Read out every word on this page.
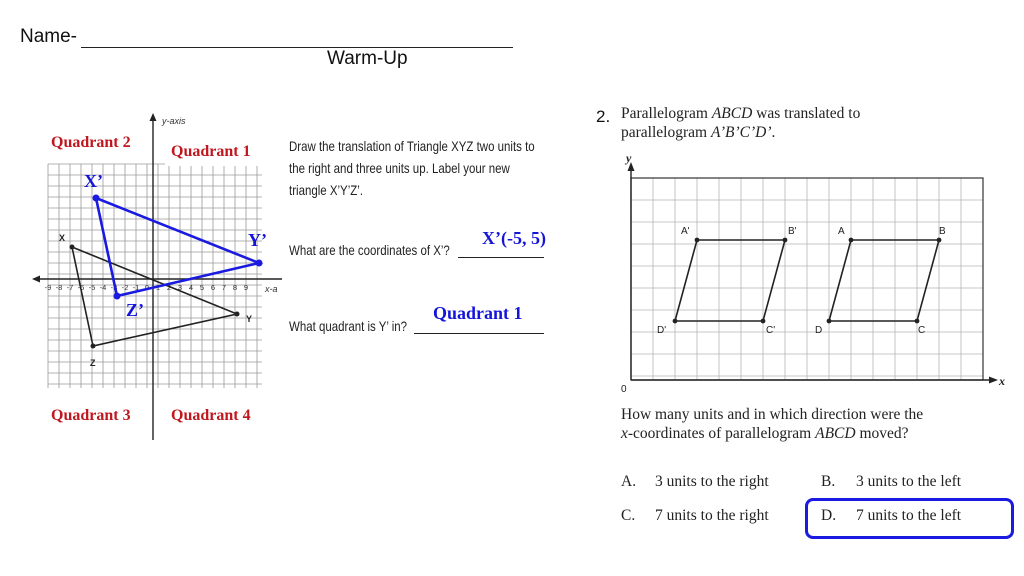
Name-
Warm-Up
y-axis
x-a
-9 -8 -7 -6 -5 -4 -3 -2 -1 0 1 2 3 4 5 6 7 8 9
X
Y
Z
X’
Y’
Z’
Quadrant 2
Quadrant 1
Quadrant 3	Quadrant 4
Draw the translation of Triangle XYZ two units to
the right and three units up. Label your new
triangle X’Y’Z’.
What are the coordinates of X’?
X’(-5, 5)
What quadrant is Y’ in?
Quadrant 1
2. Parallelogram ABCD was translated to
parallelogram A’B’C’D’.
y
x
0
A'	B'
C'
D'
A	B
C
D
How many units and in which direction were the
x-coordinates of parallelogram ABCD moved?
A. 3 units to the right	B. 3 units to the left
C. 7 units to the right	D. 7 units to the left
